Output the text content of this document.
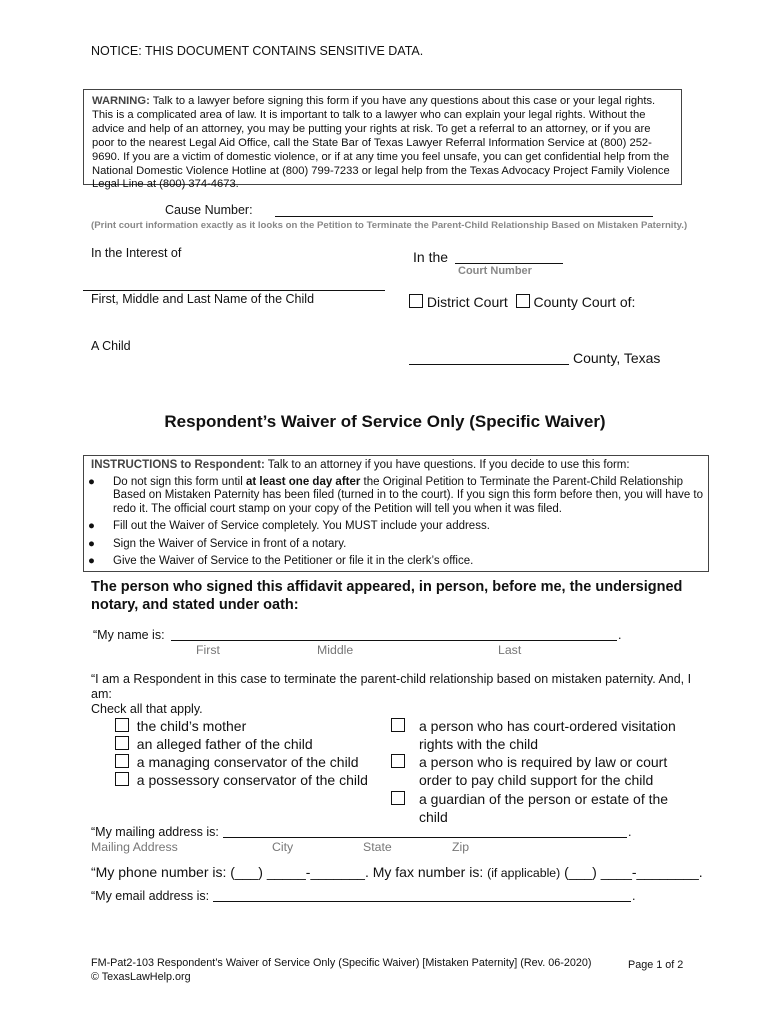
NOTICE: THIS DOCUMENT CONTAINS SENSITIVE DATA.
WARNING: Talk to a lawyer before signing this form if you have any questions about this case or your legal rights.
This is a complicated area of law. It is important to talk to a lawyer who can explain your legal rights. Without the
advice and help of an attorney, you may be putting your rights at risk. To get a referral to an attorney, or if you are
poor to the nearest Legal Aid Office, call the State Bar of Texas Lawyer Referral Information Service at (800) 252-
9690. If you are a victim of domestic violence, or if at any time you feel unsafe, you can get confidential help from the
National Domestic Violence Hotline at (800) 799-7233 or legal help from the Texas Advocacy Project Family Violence
Legal Line at (800) 374-4673.
Cause Number:
(Print court information exactly as it looks on the Petition to Terminate the Parent-Child Relationship Based on Mistaken Paternity.)
In the Interest of
First, Middle and Last Name of the Child
A Child
In the
Court Number
District Court County Court of:
County, Texas
Respondent’s Waiver of Service Only (Specific Waiver)
INSTRUCTIONS to Respondent: Talk to an attorney if you have questions. If you decide to use this form:
● Do not sign this form until at least one day after the Original Petition to Terminate the Parent-Child Relationship Based on Mistaken Paternity has been filed (turned in to the court). If you sign this form before then, you will have to redo it. The official court stamp on your copy of the Petition will tell you when it was filed.
● Fill out the Waiver of Service completely. You MUST include your address.
● Sign the Waiver of Service in front of a notary.
● Give the Waiver of Service to the Petitioner or file it in the clerk’s office.
The person who signed this affidavit appeared, in person, before me, the undersigned notary, and stated under oath:
“My name is:	.
First	Middle	Last
“I am a Respondent in this case to terminate the parent-child relationship based on mistaken paternity. And, I
am:
Check all that apply.
the child’s mother
an alleged father of the child
a managing conservator of the child
a possessory conservator of the child
a person who has court-ordered visitation
rights with the child
a person who is required by law or court
order to pay child support for the child
a guardian of the person or estate of the
child
“My mailing address is:	.
Mailing Address	City	State	Zip
“My phone number is: (___) _____-_______. My fax number is: (if applicable) (___) ____-________.
“My email address is:	.
FM-Pat2-103 Respondent’s Waiver of Service Only (Specific Waiver) [Mistaken Paternity] (Rev. 06-2020)
© TexasLawHelp.org
Page 1 of 2
